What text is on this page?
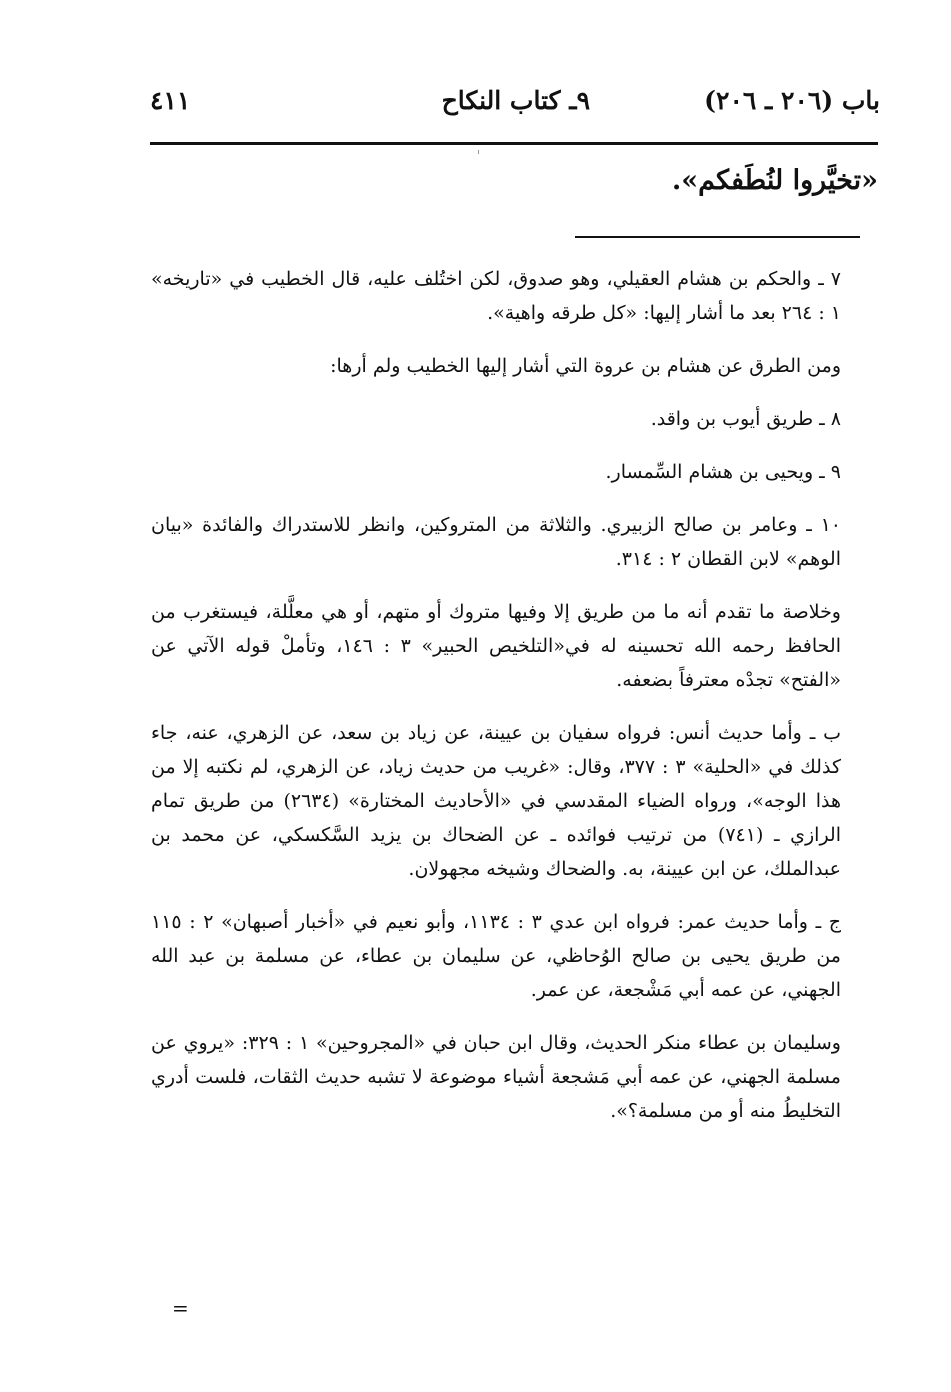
باب (٢٠٦ ـ ٢٠٦)
٩ـ كتاب النكاح
٤١١
«تخيَّروا لنُطَفكم».

٧ ـ والحكم بن هشام العقيلي، وهو صدوق، لكن اختُلف عليه، قال الخطيب في «تاريخه» ١ : ٢٦٤ بعد ما أشار إليها: «كل طرقه واهية».

ومن الطرق عن هشام بن عروة التي أشار إليها الخطيب ولم أرها:

٨ ـ طريق أيوب بن واقد.

٩ ـ ويحيى بن هشام السِّمسار.

١٠ ـ وعامر بن صالح الزبيري. والثلاثة من المتروكين، وانظر للاستدراك والفائدة «بيان الوهم» لابن القطان ٢ : ٣١٤.

وخلاصة ما تقدم أنه ما من طريق إلا وفيها متروك أو متهم، أو هي معلَّلة، فيستغرب من الحافظ رحمه الله تحسينه له في«التلخيص الحبير» ٣ : ١٤٦، وتأملْ قوله الآتي عن «الفتح» تجدْه معترفاً بضعفه.

ب ـ وأما حديث أنس: فرواه سفيان بن عيينة، عن زياد بن سعد، عن الزهري، عنه، جاء كذلك في «الحلية» ٣ : ٣٧٧، وقال: «غريب من حديث زياد، عن الزهري، لم نكتبه إلا من هذا الوجه»، ورواه الضياء المقدسي في «الأحاديث المختارة» (٢٦٣٤) من طريق تمام الرازي ـ (٧٤١) من ترتيب فوائده ـ عن الضحاك بن يزيد السَّكسكي، عن محمد بن عبدالملك، عن ابن عيينة، به. والضحاك وشيخه مجهولان.

ج ـ وأما حديث عمر: فرواه ابن عدي ٣ : ١١٣٤، وأبو نعيم في «أخبار أصبهان» ٢ : ١١٥ من طريق يحيى بن صالح الوُحاظي، عن سليمان بن عطاء، عن مسلمة بن عبد الله الجهني، عن عمه أبي مَشْجعة، عن عمر.

وسليمان بن عطاء منكر الحديث، وقال ابن حبان في «المجروحين» ١ : ٣٢٩: «يروي عن مسلمة الجهني، عن عمه أبي مَشجعة أشياء موضوعة لا تشبه حديث الثقات، فلست أدري التخليطُ منه أو من مسلمة؟».

=
